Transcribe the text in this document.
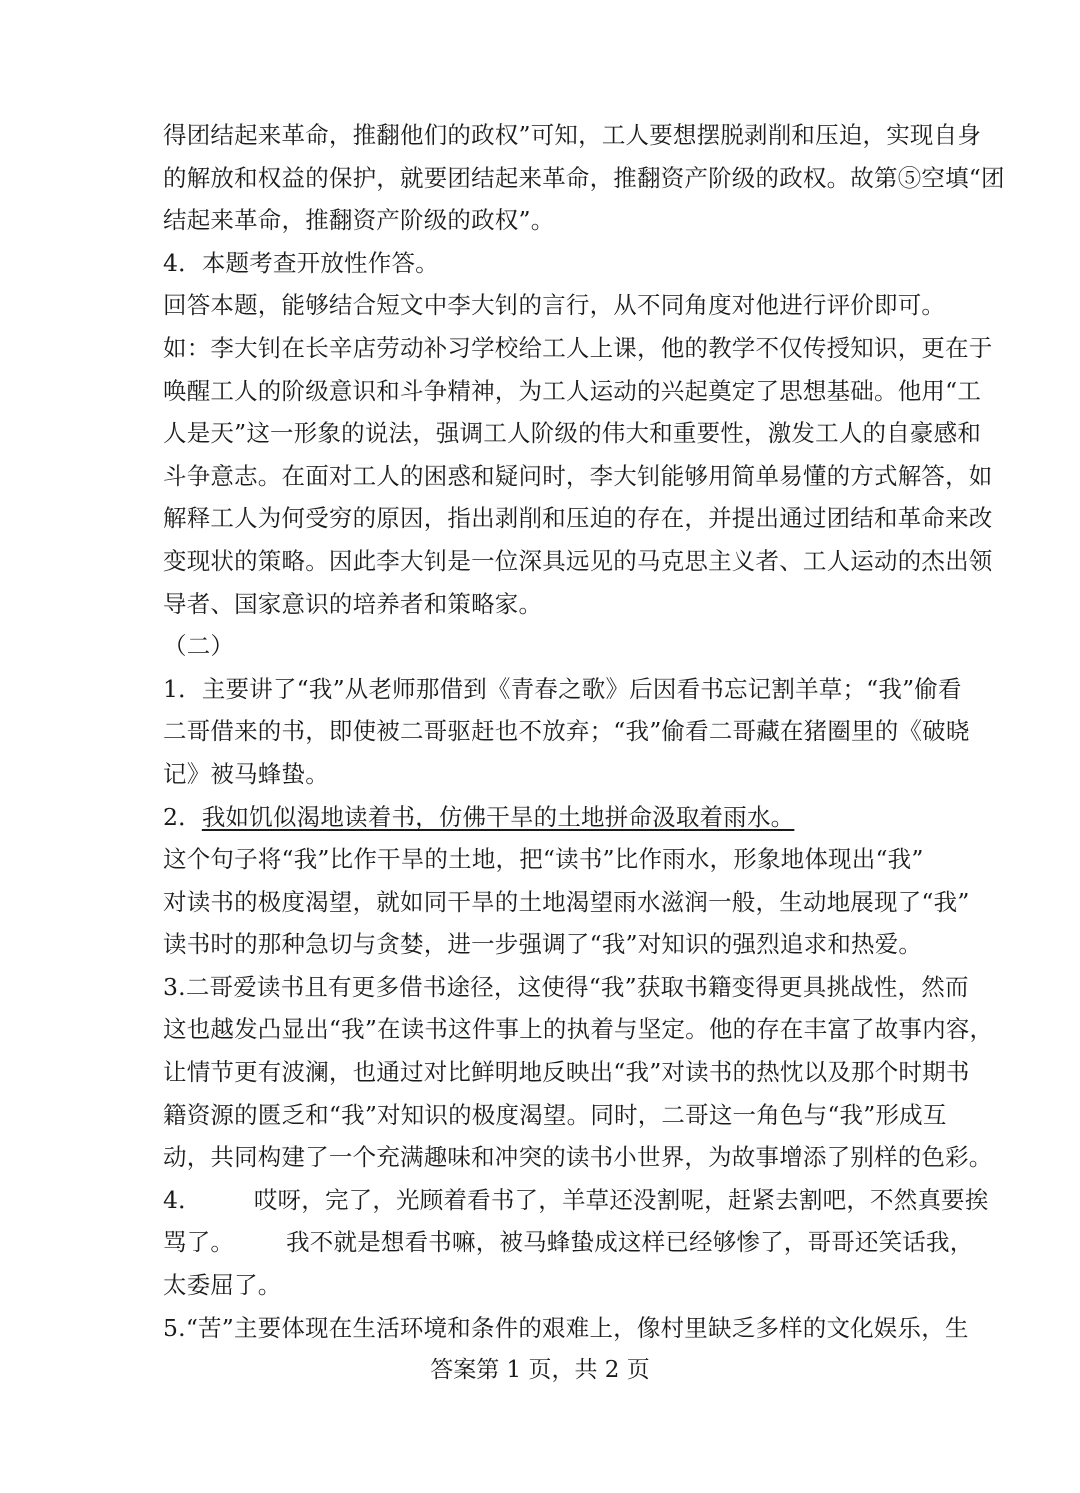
得团结起来革命，推翻他们的政权”可知，工人要想摆脱剥削和压迫，实现自身
的解放和权益的保护，就要团结起来革命，推翻资产阶级的政权。故第⑤空填“团
结起来革命，推翻资产阶级的政权”。
4．本题考查开放性作答。
回答本题，能够结合短文中李大钊的言行，从不同角度对他进行评价即可。
如：李大钊在长辛店劳动补习学校给工人上课，他的教学不仅传授知识，更在于
唤醒工人的阶级意识和斗争精神，为工人运动的兴起奠定了思想基础。他用“工
人是天”这一形象的说法，强调工人阶级的伟大和重要性，激发工人的自豪感和
斗争意志。在面对工人的困惑和疑问时，李大钊能够用简单易懂的方式解答，如
解释工人为何受穷的原因，指出剥削和压迫的存在，并提出通过团结和革命来改
变现状的策略。因此李大钊是一位深具远见的马克思主义者、工人运动的杰出领
导者、国家意识的培养者和策略家。
（二）
1．主要讲了“我”从老师那借到《青春之歌》后因看书忘记割羊草；“我”偷看
二哥借来的书，即使被二哥驱赶也不放弃；“我”偷看二哥藏在猪圈里的《破晓
记》被马蜂蛰。
2．我如饥似渴地读着书，仿佛干旱的土地拼命汲取着雨水。
这个句子将“我”比作干旱的土地，把“读书”比作雨水，形象地体现出“我”
对读书的极度渴望，就如同干旱的土地渴望雨水滋润一般，生动地展现了“我”
读书时的那种急切与贪婪，进一步强调了“我”对知识的强烈追求和热爱。
3.二哥爱读书且有更多借书途径，这使得“我”获取书籍变得更具挑战性，然而
这也越发凸显出“我”在读书这件事上的执着与坚定。他的存在丰富了故事内容，
让情节更有波澜，也通过对比鲜明地反映出“我”对读书的热忱以及那个时期书
籍资源的匮乏和“我”对知识的极度渴望。同时，二哥这一角色与“我”形成互
动，共同构建了一个充满趣味和冲突的读书小世界，为故事增添了别样的色彩。
4． 哎呀，完了，光顾着看书了，羊草还没割呢，赶紧去割吧，不然真要挨
骂了。 我不就是想看书嘛，被马蜂蛰成这样已经够惨了，哥哥还笑话我，
太委屈了。
5.“苦”主要体现在生活环境和条件的艰难上，像村里缺乏多样的文化娱乐，生
答案第 1 页，共 2 页
